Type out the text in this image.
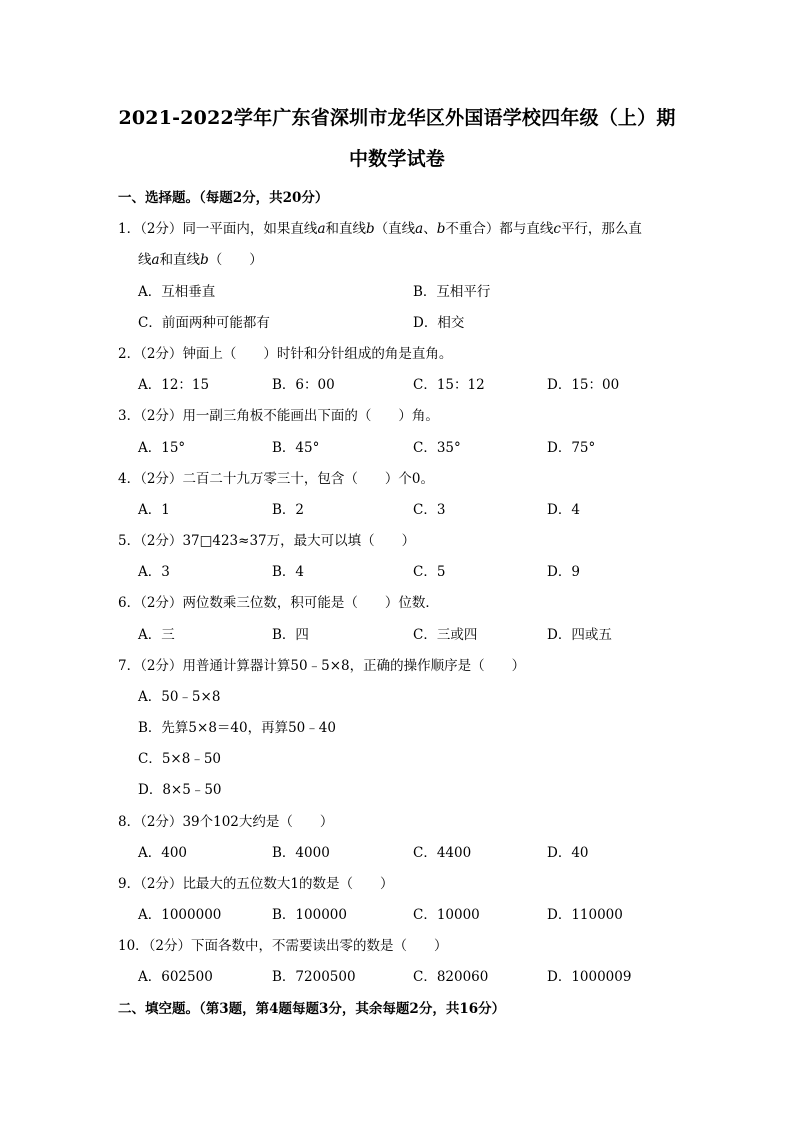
2021-2022学年广东省深圳市龙华区外国语学校四年级（上）期
中数学试卷
一、选择题。（每题2分，共20分）
1．（2分）同一平面内，如果直线a和直线b（直线a、b不重合）都与直线c平行，那么直
线a和直线b（　　）
A．互相垂直	B．互相平行
C．前面两种可能都有	D．相交
2．（2分）钟面上（　　）时针和分针组成的角是直角。
A．12：15	B．6：00	C．15：12	D．15：00
3．（2分）用一副三角板不能画出下面的（　　）角。
A．15°	B．45°	C．35°	D．75°
4．（2分）二百二十九万零三十，包含（　　）个0。
A．1	B．2	C．3	D．4
5．（2分）37□423≈37万，最大可以填（　　）
A．3	B．4	C．5	D．9
6．（2分）两位数乘三位数，积可能是（　　）位数．
A．三	B．四	C．三或四	D．四或五
7．（2分）用普通计算器计算50﹣5×8，正确的操作顺序是（　　）
A．50﹣5×8
B．先算5×8＝40，再算50﹣40
C．5×8﹣50
D．8×5﹣50
8．（2分）39个102大约是（　　）
A．400	B．4000	C．4400	D．40
9．（2分）比最大的五位数大1的数是（　　）
A．1000000	B．100000	C．10000	D．110000
10．（2分）下面各数中，不需要读出零的数是（　　）
A．602500	B．7200500	C．820060	D．1000009
二、填空题。（第3题，第4题每题3分，其余每题2分，共16分）
